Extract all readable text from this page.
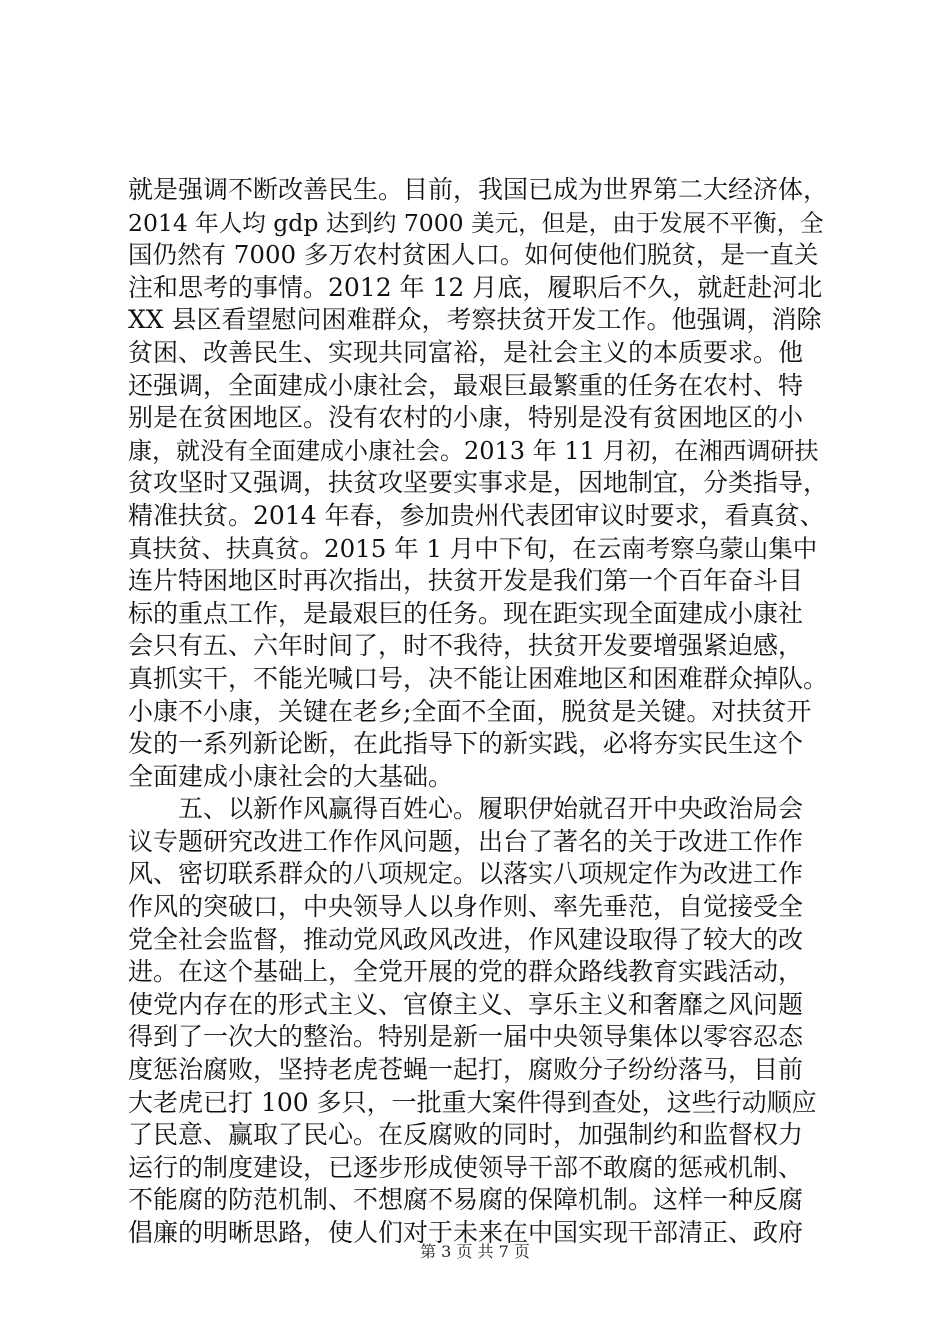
就是强调不断改善民生。目前，我国已成为世界第二大经济体，
2014 年人均 gdp 达到约 7000 美元，但是，由于发展不平衡，全
国仍然有 7000 多万农村贫困人口。如何使他们脱贫，是一直关
注和思考的事情。2012 年 12 月底，履职后不久，就赶赴河北
XX 县区看望慰问困难群众，考察扶贫开发工作。他强调，消除
贫困、改善民生、实现共同富裕，是社会主义的本质要求。他
还强调，全面建成小康社会，最艰巨最繁重的任务在农村、特
别是在贫困地区。没有农村的小康，特别是没有贫困地区的小
康，就没有全面建成小康社会。2013 年 11 月初，在湘西调研扶
贫攻坚时又强调，扶贫攻坚要实事求是，因地制宜，分类指导，
精准扶贫。2014 年春，参加贵州代表团审议时要求，看真贫、
真扶贫、扶真贫。2015 年 1 月中下旬，在云南考察乌蒙山集中
连片特困地区时再次指出，扶贫开发是我们第一个百年奋斗目
标的重点工作，是最艰巨的任务。现在距实现全面建成小康社
会只有五、六年时间了，时不我待，扶贫开发要增强紧迫感，
真抓实干，不能光喊口号，决不能让困难地区和困难群众掉队。
小康不小康，关键在老乡;全面不全面，脱贫是关键。对扶贫开
发的一系列新论断，在此指导下的新实践，必将夯实民生这个
全面建成小康社会的大基础。
　　五、以新作风赢得百姓心。履职伊始就召开中央政治局会
议专题研究改进工作作风问题，出台了著名的关于改进工作作
风、密切联系群众的八项规定。以落实八项规定作为改进工作
作风的突破口，中央领导人以身作则、率先垂范，自觉接受全
党全社会监督，推动党风政风改进，作风建设取得了较大的改
进。在这个基础上，全党开展的党的群众路线教育实践活动，
使党内存在的形式主义、官僚主义、享乐主义和奢靡之风问题
得到了一次大的整治。特别是新一届中央领导集体以零容忍态
度惩治腐败，坚持老虎苍蝇一起打，腐败分子纷纷落马，目前
大老虎已打 100 多只，一批重大案件得到查处，这些行动顺应
了民意、赢取了民心。在反腐败的同时，加强制约和监督权力
运行的制度建设，已逐步形成使领导干部不敢腐的惩戒机制、
不能腐的防范机制、不想腐不易腐的保障机制。这样一种反腐
倡廉的明晰思路，使人们对于未来在中国实现干部清正、政府
第 3 页 共 7 页
